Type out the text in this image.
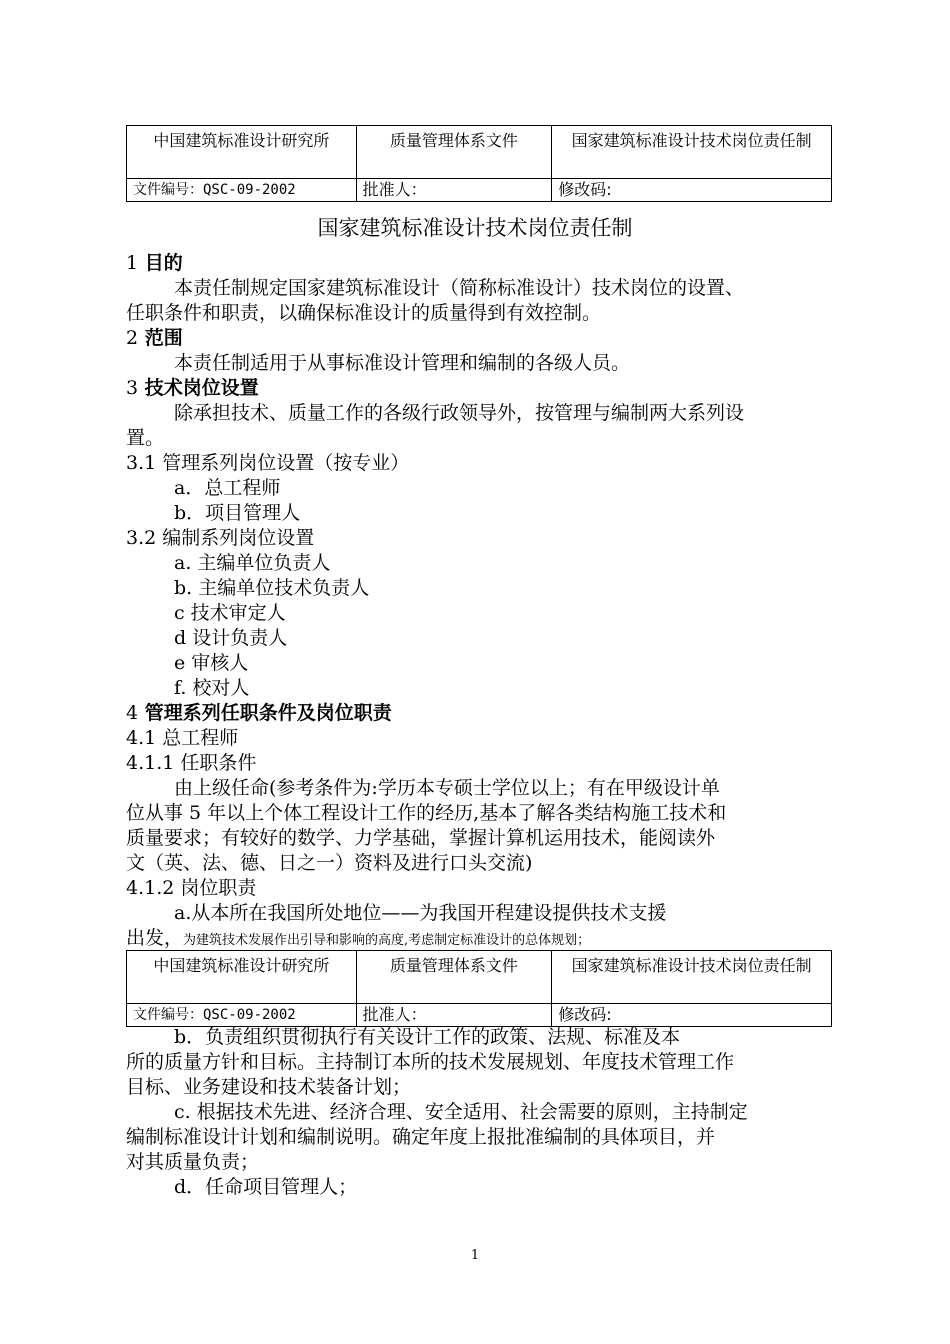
中国建筑标准设计研究所	质量管理体系文件	国家建筑标准设计技术岗位责任制
文件编号：QSC-09-2002	批准人：	修改码:
国家建筑标准设计技术岗位责任制
1 目的
本责任制规定国家建筑标准设计（简称标准设计）技术岗位的设置、
任职条件和职责，以确保标准设计的质量得到有效控制。
2 范围
本责任制适用于从事标准设计管理和编制的各级人员。
3 技术岗位设置
除承担技术、质量工作的各级行政领导外，按管理与编制两大系列设
置。
3.1 管理系列岗位设置（按专业）
a．总工程师
b．项目管理人
3.2 编制系列岗位设置
a. 主编单位负责人
b. 主编单位技术负责人
c 技术审定人
d 设计负责人
e 审核人
f. 校对人
4 管理系列任职条件及岗位职责
4.1 总工程师
4.1.1 任职条件
由上级任命(参考条件为:学历本专硕士学位以上；有在甲级设计单
位从事 5 年以上个体工程设计工作的经历,基本了解各类结构施工技术和
质量要求；有较好的数学、力学基础，掌握计算机运用技术，能阅读外
文（英、法、德、日之一）资料及进行口头交流)
4.1.2 岗位职责
a.从本所在我国所处地位——为我国开程建设提供技术支援
出发，为建筑技术发展作出引导和影响的高度,考虑制定标准设计的总体规划；
中国建筑标准设计研究所	质量管理体系文件	国家建筑标准设计技术岗位责任制
文件编号：QSC-09-2002	批准人：	修改码:
b．负责组织贯彻执行有关设计工作的政策、法规、标准及本
所的质量方针和目标。主持制订本所的技术发展规划、年度技术管理工作
目标、业务建设和技术装备计划；
c. 根据技术先进、经济合理、安全适用、社会需要的原则，主持制定
编制标准设计计划和编制说明。确定年度上报批准编制的具体项目，并
对其质量负责；
d．任命项目管理人；
1
